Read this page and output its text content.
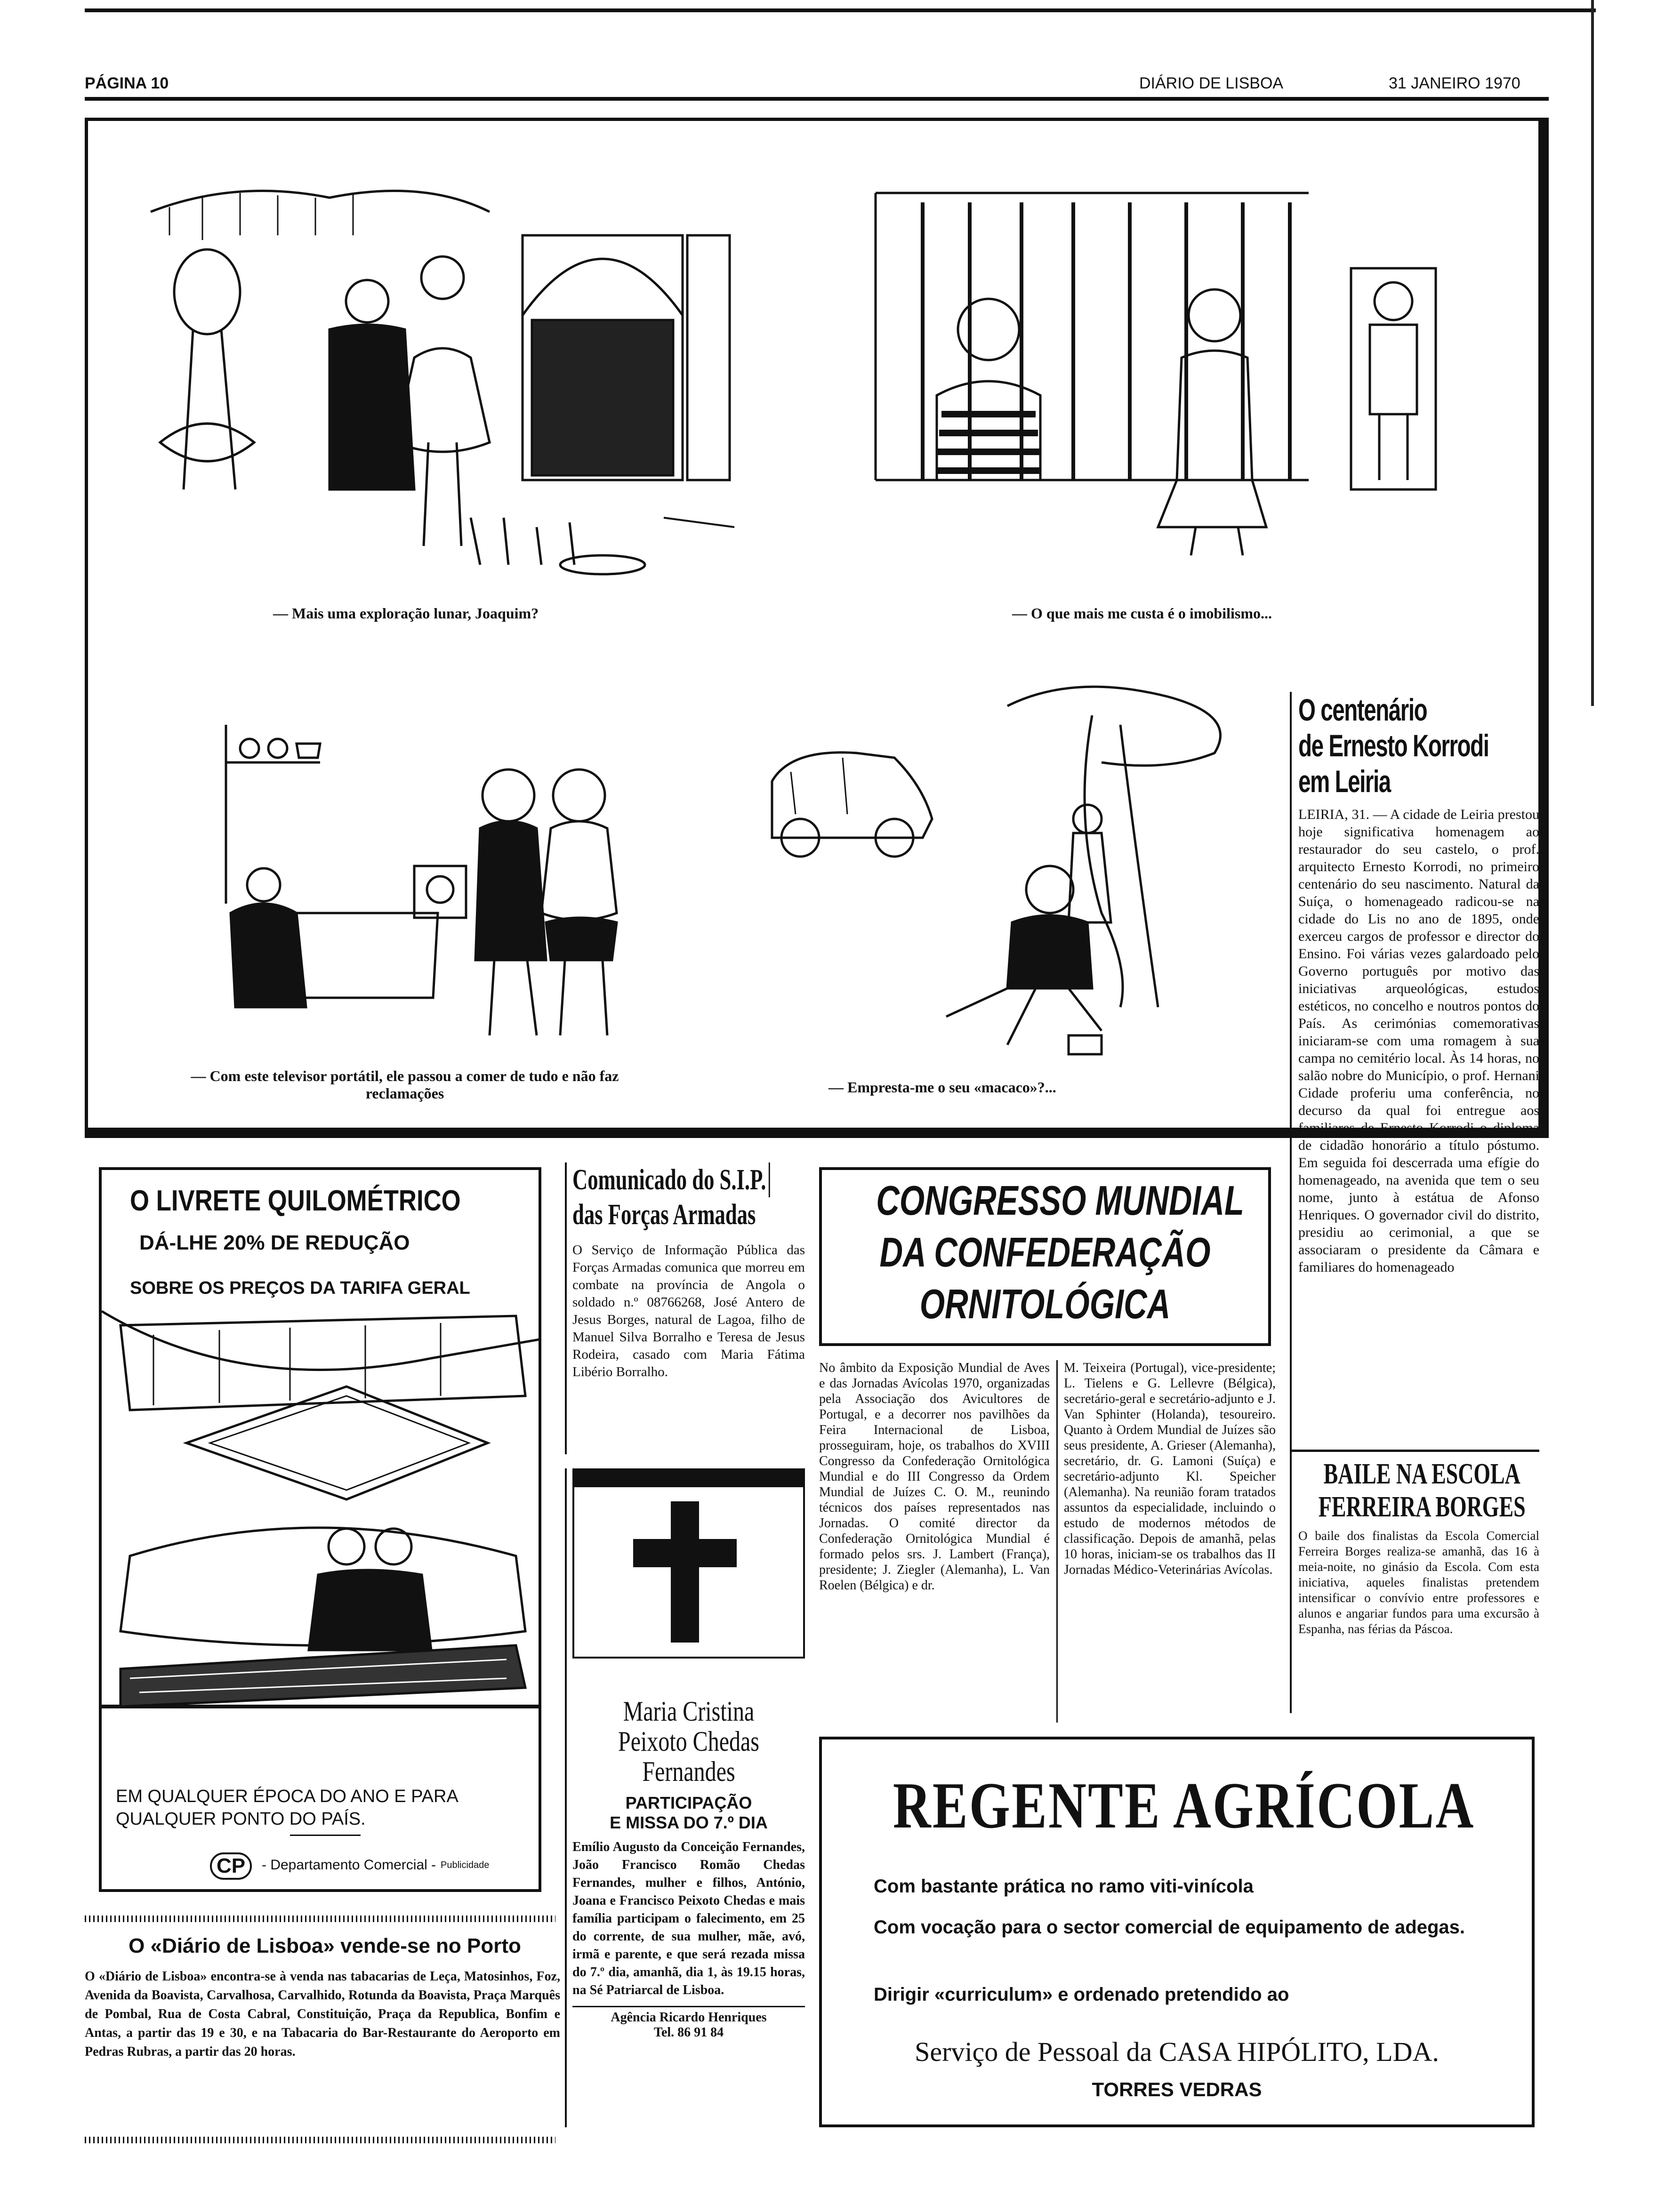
PÁGINA 10	DIÁRIO DE LISBOA	31 JANEIRO 1970
— Mais uma exploração lunar, Joaquim?	— O que mais me custa é o imobilismo...
— Com este televisor portátil, ele passou a comer de tudo e não faz reclamações	— Empresta-me o seu «macaco»?...
O centenário
de Ernesto Korrodi
em Leiria
LEIRIA, 31. — A cidade de Leiria prestou hoje significativa homenagem ao restaurador do seu castelo, o prof. arquitecto Ernesto Korrodi, no primeiro centenário do seu nascimento. Natural da Suíça, o homenageado radicou-se na cidade do Lis no ano de 1895, onde exerceu cargos de professor e director do Ensino. Foi várias vezes galardoado pelo Governo português por motivo das iniciativas arqueológicas, estudos estéticos, no concelho e noutros pontos do País. As cerimónias comemorativas iniciaram-se com uma romagem à sua campa no cemitério local. Às 14 horas, no salão nobre do Município, o prof. Hernani Cidade proferiu uma conferência, no decurso da qual foi entregue aos familiares de Ernesto Korrodi o diploma de cidadão honorário a título póstumo. Em seguida foi descerrada uma efígie do homenageado, na avenida que tem o seu nome, junto à estátua de Afonso Henriques. O governador civil do distrito, presidiu ao cerimonial, a que se associaram o presidente da Câmara e familiares do homenageado
BAILE NA ESCOLA
FERREIRA BORGES
O baile dos finalistas da Escola Comercial Ferreira Borges realiza-se amanhã, das 16 à meia-noite, no ginásio da Escola. Com esta iniciativa, aqueles finalistas pretendem intensificar o convívio entre professores e alunos e angariar fundos para uma excursão à Espanha, nas férias da Páscoa.
O LIVRETE QUILOMÉTRICO
DÁ-LHE 20% DE REDUÇÃO
SOBRE OS PREÇOS DA TARIFA GERAL
EM QUALQUER ÉPOCA DO ANO E PARA
QUALQUER PONTO DO PAÍS.
CP	- Departamento Comercial - Publicidade
O «Diário de Lisboa» vende-se no Porto
O «Diário de Lisboa» encontra-se à venda nas tabacarias de Leça, Matosinhos, Foz, Avenida da Boavista, Carvalhosa, Carvalhido, Rotunda da Boavista, Praça Marquês de Pombal, Rua de Costa Cabral, Constituição, Praça da Republica, Bonfim e Antas, a partir das 19 e 30, e na Tabacaria do Bar-Restaurante do Aeroporto em Pedras Rubras, a partir das 20 horas.
Comunicado do S.I.P.
das Forças Armadas
O Serviço de Informação Pública das Forças Armadas comunica que morreu em combate na província de Angola o soldado n.º 08766268, José Antero de Jesus Borges, natural de Lagoa, filho de Manuel Silva Borralho e Teresa de Jesus Rodeira, casado com Maria Fátima Libério Borralho.
Maria Cristina
Peixoto Chedas
Fernandes
PARTICIPAÇÃO
E MISSA DO 7.º DIA
Emílio Augusto da Conceição Fernandes, João Francisco Romão Chedas Fernandes, mulher e filhos, António, Joana e Francisco Peixoto Chedas e mais família participam o falecimento, em 25 do corrente, de sua mulher, mãe, avó, irmã e parente, e que será rezada missa do 7.º dia, amanhã, dia 1, às 19.15 horas, na Sé Patriarcal de Lisboa.
Agência Ricardo Henriques
Tel. 86 91 84
CONGRESSO MUNDIAL
DA CONFEDERAÇÃO
ORNITOLÓGICA
No âmbito da Exposição Mundial de Aves e das Jornadas Avícolas 1970, organizadas pela Associação dos Avicultores de Portugal, e a decorrer nos pavilhões da Feira Internacional de Lisboa, prosseguiram, hoje, os trabalhos do XVIII Congresso da Confederação Ornitológica Mundial e do III Congresso da Ordem Mundial de Juízes C. O. M., reunindo técnicos dos países representados nas Jornadas. O comité director da Confederação Ornitológica Mundial é formado pelos srs. J. Lambert (França), presidente; J. Ziegler (Alemanha), L. Van Roelen (Bélgica) e dr.
M. Teixeira (Portugal), vice-presidente; L. Tielens e G. Lellevre (Bélgica), secretário-geral e secretário-adjunto e J. Van Sphinter (Holanda), tesoureiro. Quanto à Ordem Mundial de Juízes são seus presidente, A. Grieser (Alemanha), secretário, dr. G. Lamoni (Suíça) e secretário-adjunto Kl. Speicher (Alemanha). Na reunião foram tratados assuntos da especialidade, incluindo o estudo de modernos métodos de classificação. Depois de amanhã, pelas 10 horas, iniciam-se os trabalhos das II Jornadas Médico-Veterinárias Avícolas.
REGENTE AGRÍCOLA
Com bastante prática no ramo viti-vinícola
Com vocação para o sector comercial de equipamento de adegas.
Dirigir «curriculum» e ordenado pretendido ao
Serviço de Pessoal da CASA HIPÓLITO, LDA.
TORRES VEDRAS
